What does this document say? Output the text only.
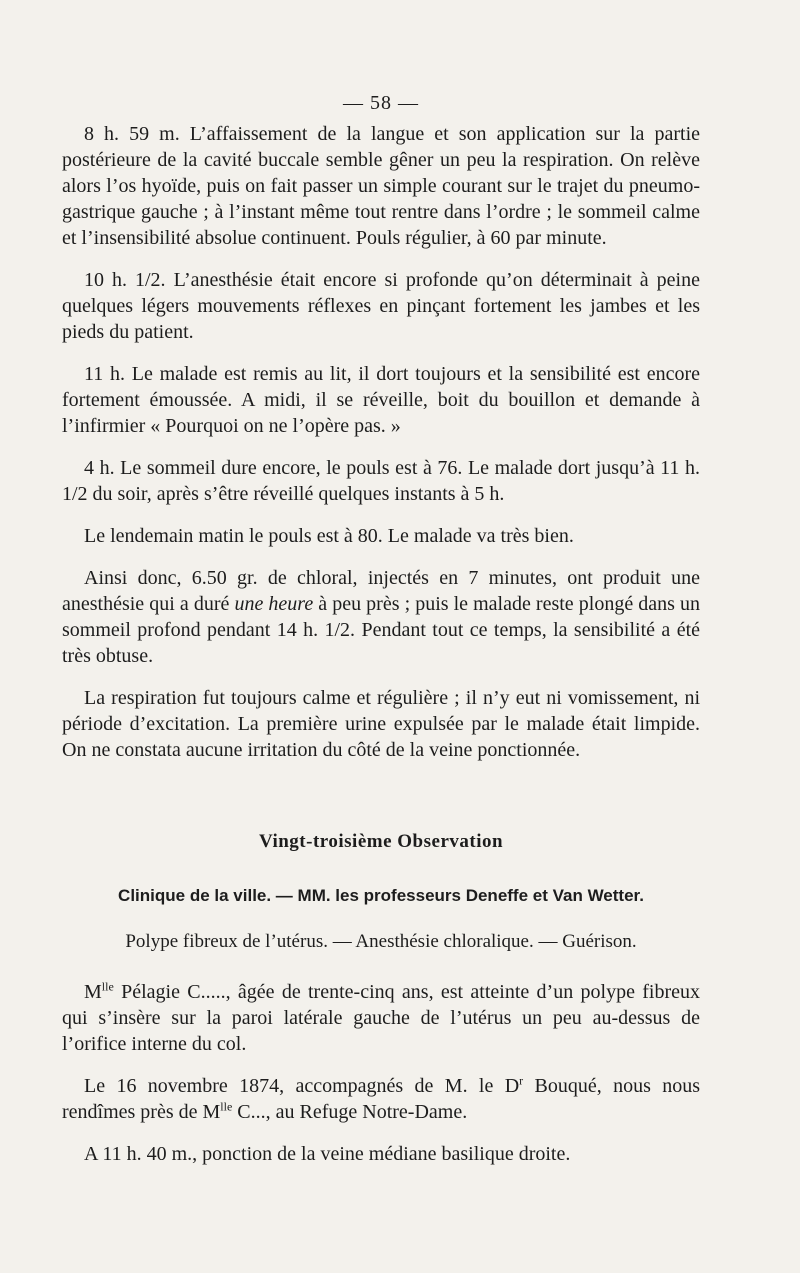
— 58 —

8 h. 59 m. L’affaissement de la langue et son application sur la partie postérieure de la cavité buccale semble gêner un peu la respiration. On relève alors l’os hyoïde, puis on fait passer un simple courant sur le trajet du pneumo-gastrique gauche ; à l’instant même tout rentre dans l’ordre ; le sommeil calme et l’insensibilité absolue continuent. Pouls régulier, à 60 par minute.

10 h. 1/2. L’anesthésie était encore si profonde qu’on déterminait à peine quelques légers mouvements réflexes en pinçant fortement les jambes et les pieds du patient.

11 h. Le malade est remis au lit, il dort toujours et la sensibilité est encore fortement émoussée. A midi, il se réveille, boit du bouillon et demande à l’infirmier « Pourquoi on ne l’opère pas. »

4 h. Le sommeil dure encore, le pouls est à 76. Le malade dort jusqu’à 11 h. 1/2 du soir, après s’être réveillé quelques instants à 5 h.

Le lendemain matin le pouls est à 80. Le malade va très bien.

Ainsi donc, 6.50 gr. de chloral, injectés en 7 minutes, ont produit une anesthésie qui a duré une heure à peu près ; puis le malade reste plongé dans un sommeil profond pendant 14 h. 1/2. Pendant tout ce temps, la sensibilité a été très obtuse.

La respiration fut toujours calme et régulière ; il n’y eut ni vomissement, ni période d’excitation. La première urine expulsée par le malade était limpide. On ne constata aucune irritation du côté de la veine ponctionnée.

Vingt-troisième Observation

Clinique de la ville. — MM. les professeurs Deneffe et Van Wetter.

Polype fibreux de l’utérus. — Anesthésie chloralique. — Guérison.

$M^{lle}$ Pélagie C....., âgée de trente-cinq ans, est atteinte d’un polype fibreux qui s’insère sur la paroi latérale gauche de l’utérus un peu au-dessus de l’orifice interne du col.

Le 16 novembre 1874, accompagnés de M. le $D^r$ Bouqué, nous nous rendîmes près de $M^{lle}$ C..., au Refuge Notre-Dame.

A 11 h. 40 m., ponction de la veine médiane basilique droite.
